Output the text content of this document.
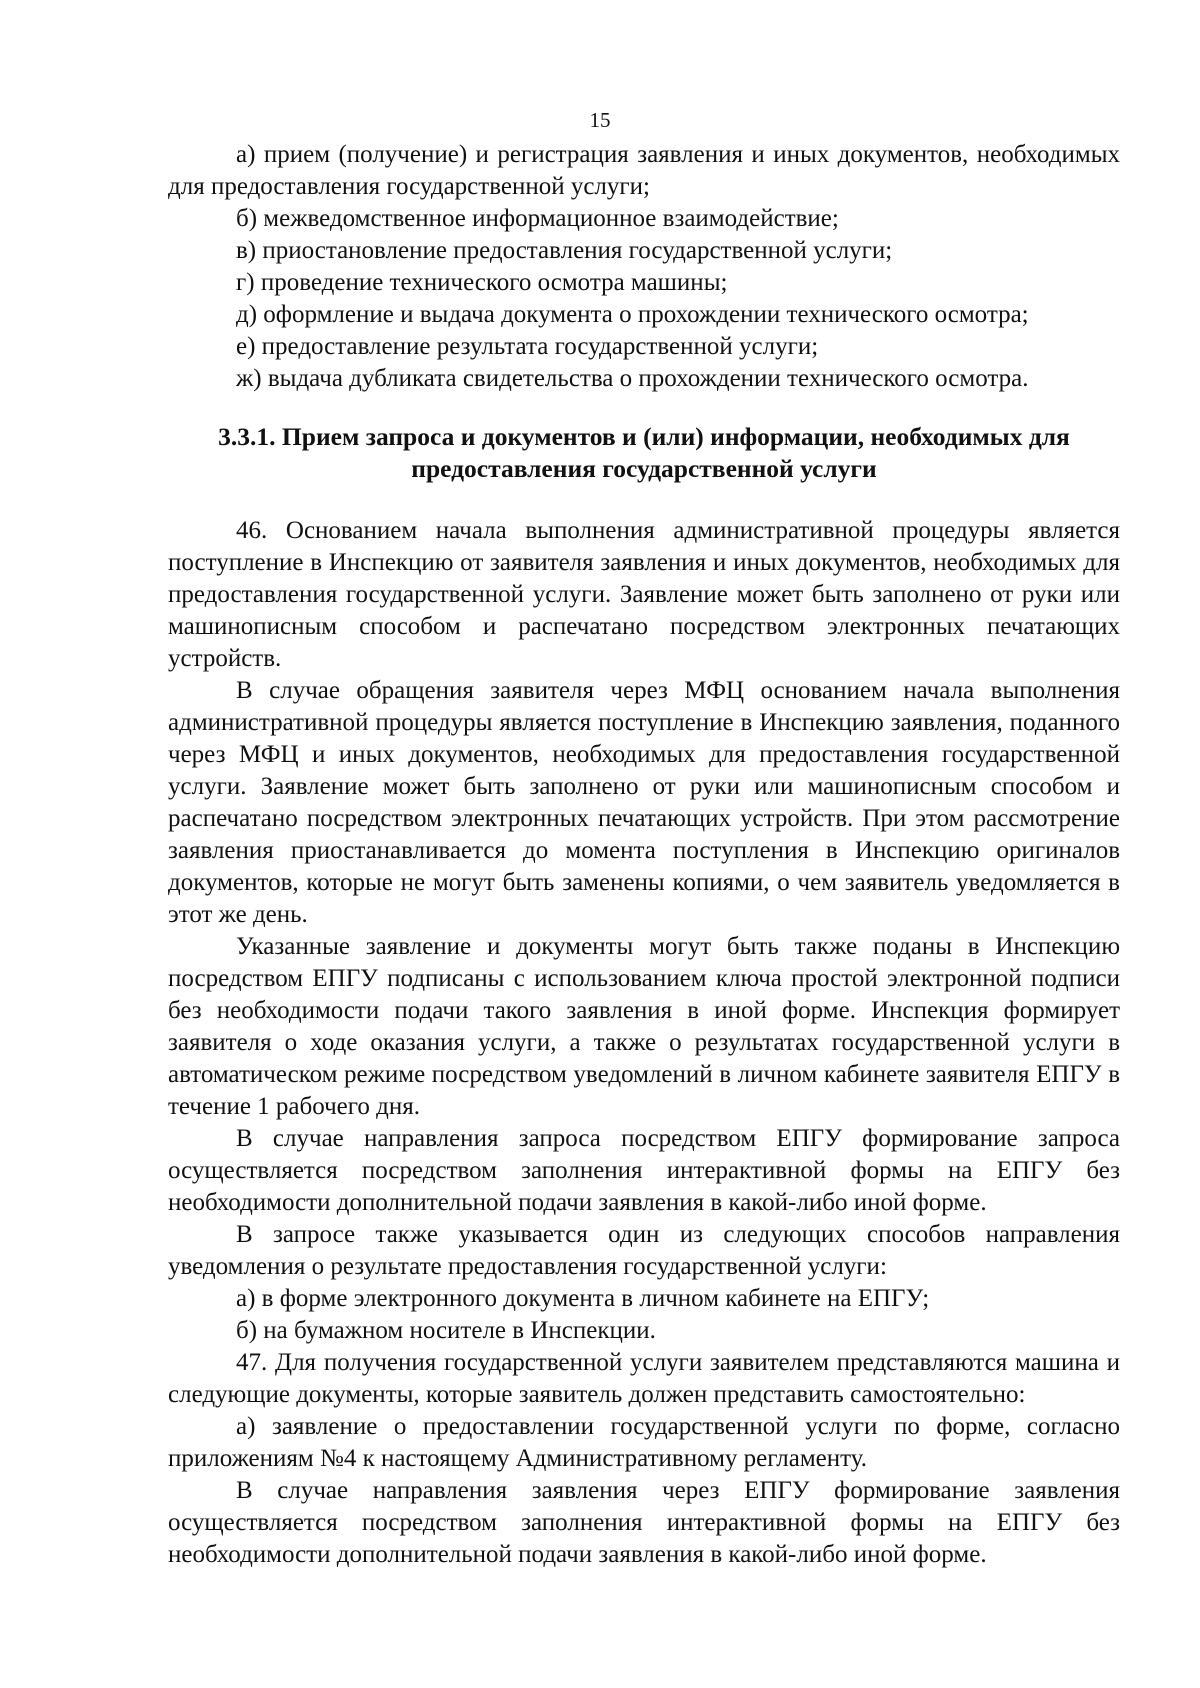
15

а) прием (получение) и регистрация заявления и иных документов, необходимых для предоставления государственной услуги;

б) межведомственное информационное взаимодействие;

в) приостановление предоставления государственной услуги;

г) проведение технического осмотра машины;

д) оформление и выдача документа о прохождении технического осмотра;

е) предоставление результата государственной услуги;

ж) выдача дубликата свидетельства о прохождении технического осмотра.

3.3.1. Прием запроса и документов и (или) информации, необходимых для
предоставления государственной услуги

46. Основанием начала выполнения административной процедуры является поступление в Инспекцию от заявителя заявления и иных документов, необходимых для предоставления государственной услуги. Заявление может быть заполнено от руки или машинописным способом и распечатано посредством электронных печатающих устройств.

В случае обращения заявителя через МФЦ основанием начала выполнения административной процедуры является поступление в Инспекцию заявления, поданного через МФЦ и иных документов, необходимых для предоставления государственной услуги. Заявление может быть заполнено от руки или машинописным способом и распечатано посредством электронных печатающих устройств. При этом рассмотрение заявления приостанавливается до момента поступления в Инспекцию оригиналов документов, которые не могут быть заменены копиями, о чем заявитель уведомляется в этот же день.

Указанные заявление и документы могут быть также поданы в Инспекцию посредством ЕПГУ подписаны с использованием ключа простой электронной подписи без необходимости подачи такого заявления в иной форме. Инспекция формирует заявителя о ходе оказания услуги, а также о результатах государственной услуги в автоматическом режиме посредством уведомлений в личном кабинете заявителя ЕПГУ в течение 1 рабочего дня.

В случае направления запроса посредством ЕПГУ формирование запроса осуществляется посредством заполнения интерактивной формы на ЕПГУ без необходимости дополнительной подачи заявления в какой-либо иной форме.

В запросе также указывается один из следующих способов направления уведомления о результате предоставления государственной услуги:

а) в форме электронного документа в личном кабинете на ЕПГУ;

б) на бумажном носителе в Инспекции.

47. Для получения государственной услуги заявителем представляются машина и следующие документы, которые заявитель должен представить самостоятельно:

а) заявление о предоставлении государственной услуги по форме, согласно приложениям №4 к настоящему Административному регламенту.

В случае направления заявления через ЕПГУ формирование заявления осуществляется посредством заполнения интерактивной формы на ЕПГУ без необходимости дополнительной подачи заявления в какой-либо иной форме.
